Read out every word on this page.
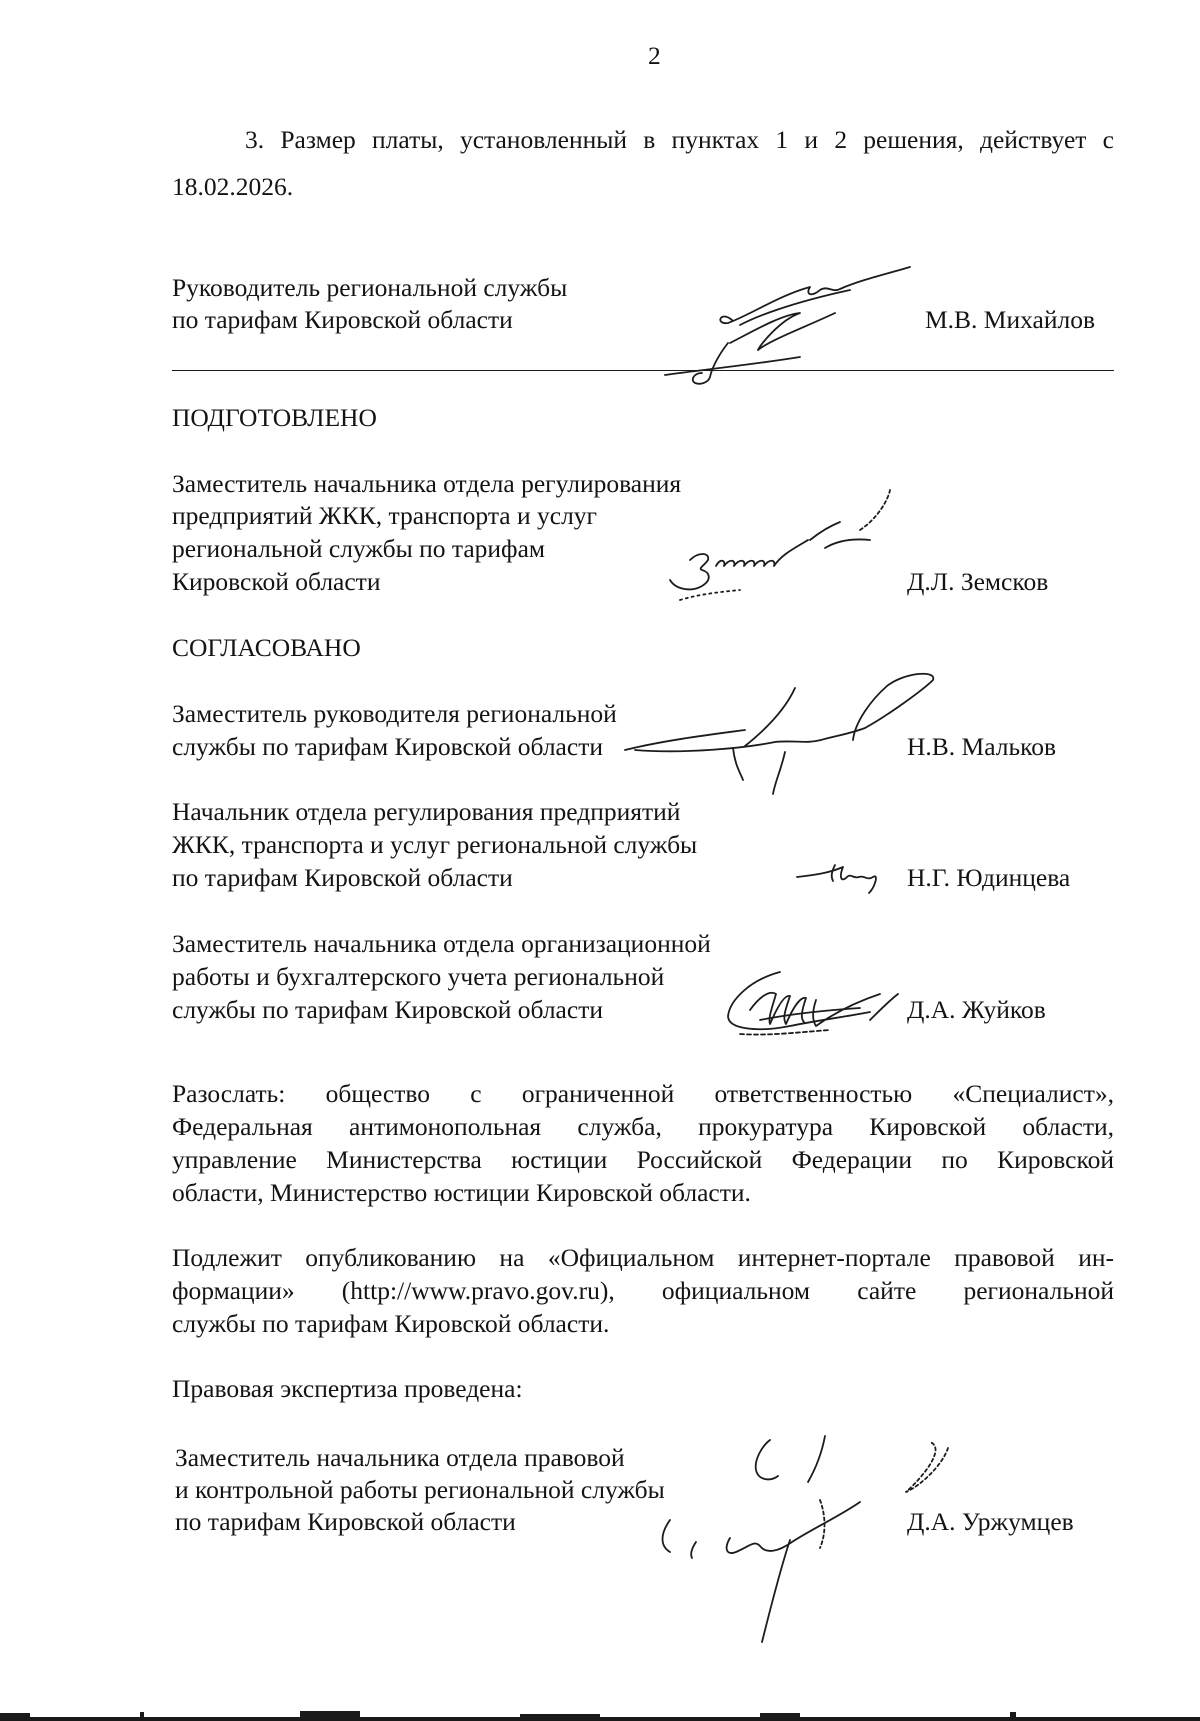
2
3. Размер платы, установленный в пунктах 1 и 2 решения, действует с
18.02.2026.
Руководитель региональной службы
по тарифам Кировской области	М.В. Михайлов
ПОДГОТОВЛЕНО
Заместитель начальника отдела регулирования
предприятий ЖКК, транспорта и услуг
региональной службы по тарифам
Кировской области	Д.Л. Земсков
СОГЛАСОВАНО
Заместитель руководителя региональной
службы по тарифам Кировской области	Н.В. Мальков
Начальник отдела регулирования предприятий
ЖКК, транспорта и услуг региональной службы
по тарифам Кировской области	Н.Г. Юдинцева
Заместитель начальника отдела организационной
работы и бухгалтерского учета региональной
службы по тарифам Кировской области	Д.А. Жуйков
Разослать: общество с ограниченной ответственностью «Специалист»,
Федеральная антимонопольная служба, прокуратура Кировской области,
управление Министерства юстиции Российской Федерации по Кировской
области, Министерство юстиции Кировской области.
Подлежит опубликованию на «Официальном интернет-портале правовой ин-
формации» (http://www.pravo.gov.ru), официальном сайте региональной
службы по тарифам Кировской области.
Правовая экспертиза проведена:
Заместитель начальника отдела правовой
и контрольной работы региональной службы
по тарифам Кировской области	Д.А. Уржумцев
